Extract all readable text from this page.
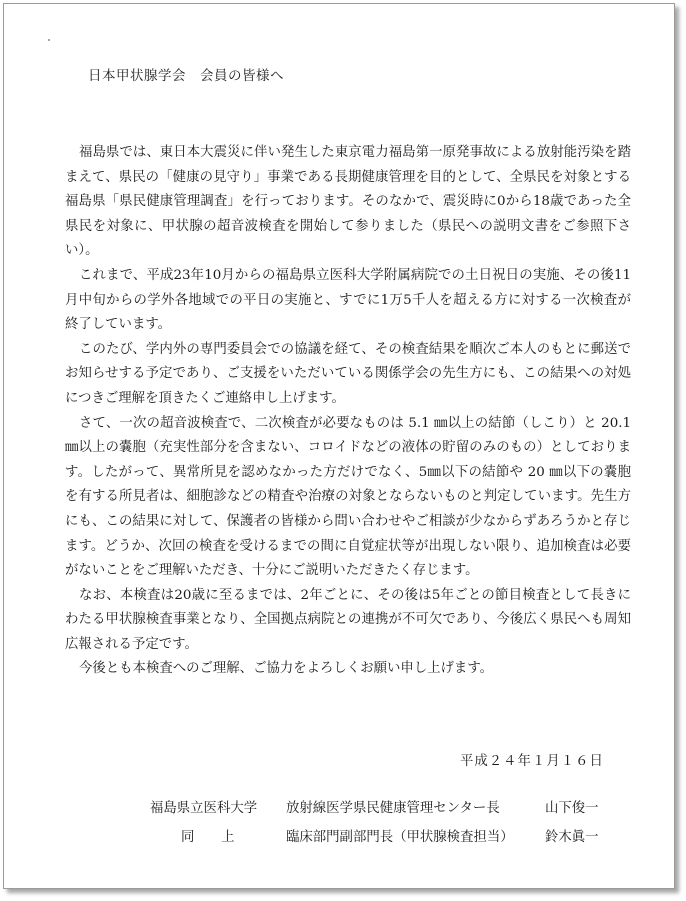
日本甲状腺学会　会員の皆様へ

福島県では、東日本大震災に伴い発生した東京電力福島第一原発事故による放射能汚染を踏まえて、県民の「健康の見守り」事業である長期健康管理を目的として、全県民を対象とする福島県「県民健康管理調査」を行っております。そのなかで、震災時に0から18歳であった全県民を対象に、甲状腺の超音波検査を開始して参りました（県民への説明文書をご参照下さい）。

これまで、平成23年10月からの福島県立医科大学附属病院での土日祝日の実施、その後11月中旬からの学外各地域での平日の実施と、すでに1万5千人を超える方に対する一次検査が終了しています。

このたび、学内外の専門委員会での協議を経て、その検査結果を順次ご本人のもとに郵送でお知らせする予定であり、ご支援をいただいている関係学会の先生方にも、この結果への対処につきご理解を頂きたくご連絡申し上げます。

さて、一次の超音波検査で、二次検査が必要なものは 5.1 ㎜以上の結節（しこり）と 20.1 ㎜以上の嚢胞（充実性部分を含まない、コロイドなどの液体の貯留のみのもの）としております。したがって、異常所見を認めなかった方だけでなく、5㎜以下の結節や 20 ㎜以下の嚢胞を有する所見者は、細胞診などの精査や治療の対象とならないものと判定しています。先生方にも、この結果に対して、保護者の皆様から問い合わせやご相談が少なからずあろうかと存じます。どうか、次回の検査を受けるまでの間に自覚症状等が出現しない限り、追加検査は必要がないことをご理解いただき、十分にご説明いただきたく存じます。

なお、本検査は20歳に至るまでは、2年ごとに、その後は5年ごとの節目検査として長きにわたる甲状腺検査事業となり、全国拠点病院との連携が不可欠であり、今後広く県民へも周知広報される予定です。

今後とも本検査へのご理解、ご協力をよろしくお願い申し上げます。

平成２４年１月１６日
福島県立医科大学 放射線医学県民健康管理センター長	山下俊一
同　　上	臨床部門副部門長（甲状腺検査担当） 鈴木眞一
